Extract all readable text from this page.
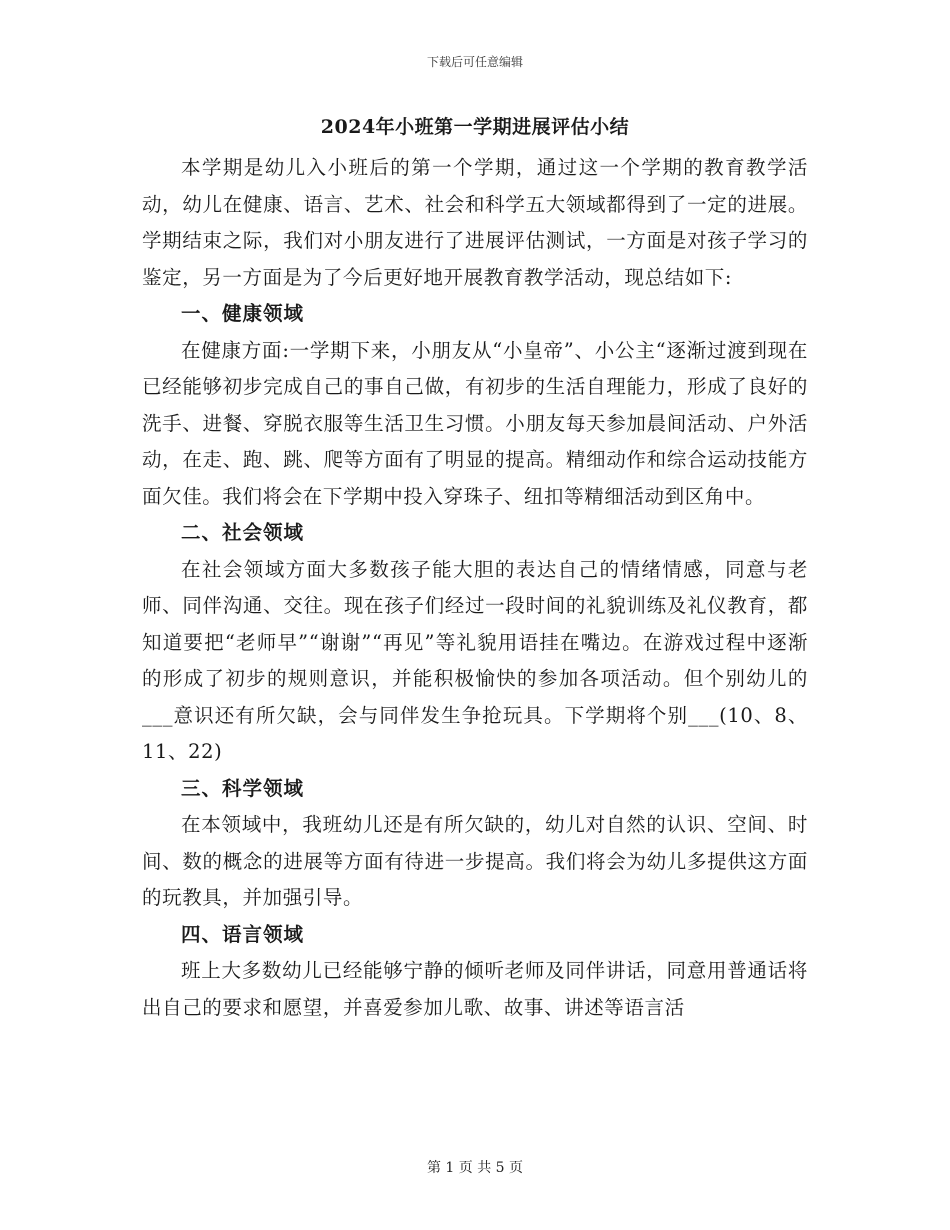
下载后可任意编辑
2024年小班第一学期进展评估小结

本学期是幼儿入小班后的第一个学期，通过这一个学期的教育教学活动，幼儿在健康、语言、艺术、社会和科学五大领域都得到了一定的进展。学期结束之际，我们对小朋友进行了进展评估测试，一方面是对孩子学习的鉴定，另一方面是为了今后更好地开展教育教学活动，现总结如下:

一、健康领域

在健康方面:一学期下来，小朋友从“小皇帝”、小公主“逐渐过渡到现在已经能够初步完成自己的事自己做，有初步的生活自理能力，形成了良好的洗手、进餐、穿脱衣服等生活卫生习惯。小朋友每天参加晨间活动、户外活动，在走、跑、跳、爬等方面有了明显的提高。精细动作和综合运动技能方面欠佳。我们将会在下学期中投入穿珠子、纽扣等精细活动到区角中。

二、社会领域

在社会领域方面大多数孩子能大胆的表达自己的情绪情感，同意与老师、同伴沟通、交往。现在孩子们经过一段时间的礼貌训练及礼仪教育，都知道要把“老师早”“谢谢”“再见”等礼貌用语挂在嘴边。在游戏过程中逐渐的形成了初步的规则意识，并能积极愉快的参加各项活动。但个别幼儿的___意识还有所欠缺，会与同伴发生争抢玩具。下学期将个别___(10、8、11、22)

三、科学领域

在本领域中，我班幼儿还是有所欠缺的，幼儿对自然的认识、空间、时间、数的概念的进展等方面有待进一步提高。我们将会为幼儿多提供这方面的玩教具，并加强引导。

四、语言领域

班上大多数幼儿已经能够宁静的倾听老师及同伴讲话，同意用普通话将出自己的要求和愿望，并喜爱参加儿歌、故事、讲述等语言活

第 1 页 共 5 页
